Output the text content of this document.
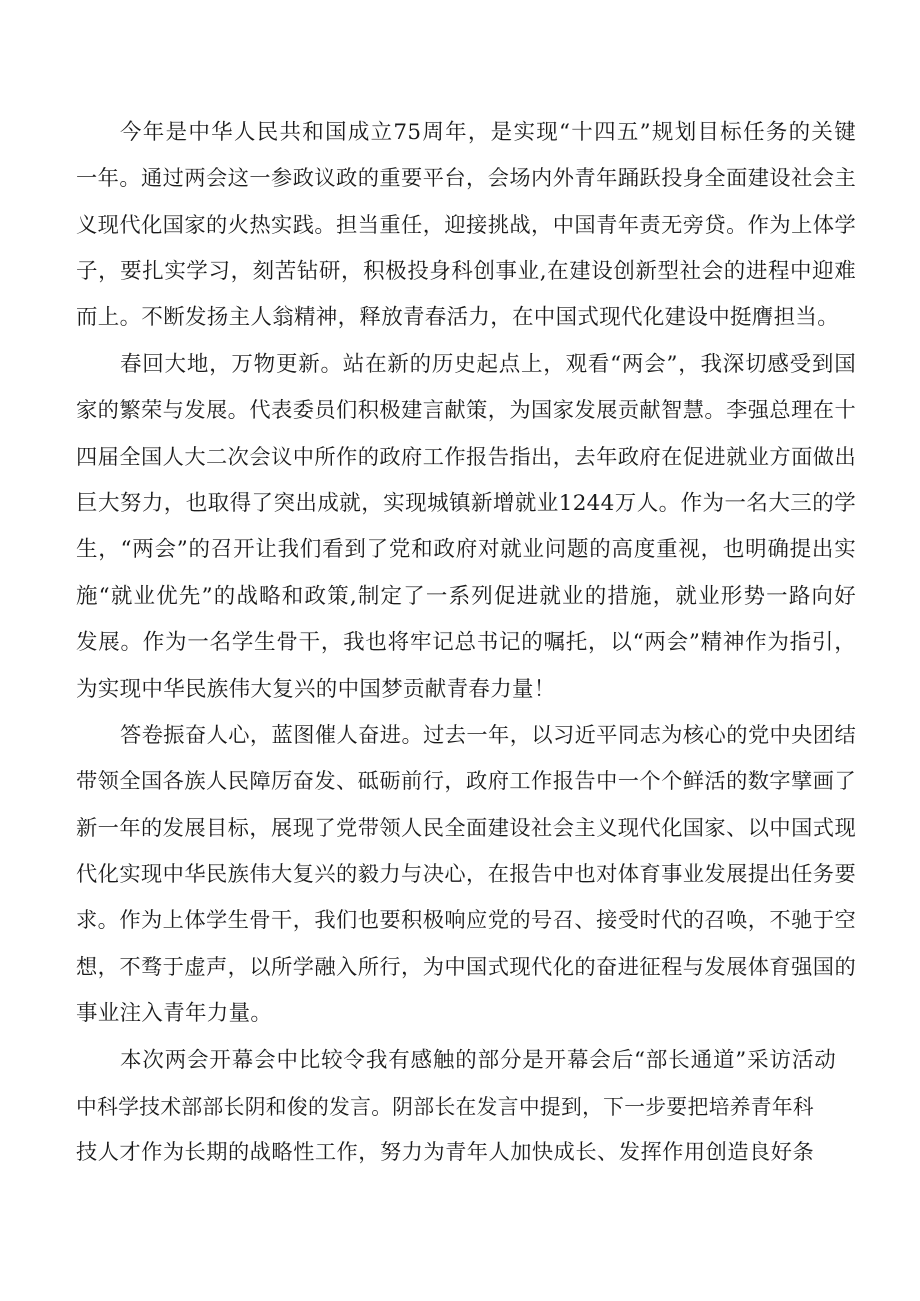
今年是中华人民共和国成立75周年，是实现“十四五”规划目标任务的关键
一年。通过两会这一参政议政的重要平台，会场内外青年踊跃投身全面建设社会主
义现代化国家的火热实践。担当重任，迎接挑战，中国青年责无旁贷。作为上体学
子，要扎实学习，刻苦钻研，积极投身科创事业,在建设创新型社会的进程中迎难
而上。不断发扬主人翁精神，释放青春活力，在中国式现代化建设中挺膺担当。
春回大地，万物更新。站在新的历史起点上，观看“两会”，我深切感受到国
家的繁荣与发展。代表委员们积极建言献策，为国家发展贡献智慧。李强总理在十
四届全国人大二次会议中所作的政府工作报告指出，去年政府在促进就业方面做出
巨大努力，也取得了突出成就，实现城镇新增就业1244万人。作为一名大三的学
生，“两会”的召开让我们看到了党和政府对就业问题的高度重视，也明确提出实
施“就业优先”的战略和政策,制定了一系列促进就业的措施，就业形势一路向好
发展。作为一名学生骨干，我也将牢记总书记的嘱托，以“两会”精神作为指引，
为实现中华民族伟大复兴的中国梦贡献青春力量！
答卷振奋人心，蓝图催人奋进。过去一年，以习近平同志为核心的党中央团结
带领全国各族人民障厉奋发、砥砺前行，政府工作报告中一个个鲜活的数字擘画了
新一年的发展目标，展现了党带领人民全面建设社会主义现代化国家、以中国式现
代化实现中华民族伟大复兴的毅力与决心，在报告中也对体育事业发展提出任务要
求。作为上体学生骨干，我们也要积极响应党的号召、接受时代的召唤，不驰于空
想，不骛于虚声，以所学融入所行，为中国式现代化的奋进征程与发展体育强国的
事业注入青年力量。
本次两会开幕会中比较令我有感触的部分是开幕会后“部长通道”采访活动
中科学技术部部长阴和俊的发言。阴部长在发言中提到，下一步要把培养青年科
技人才作为长期的战略性工作，努力为青年人加快成长、发挥作用创造良好条
